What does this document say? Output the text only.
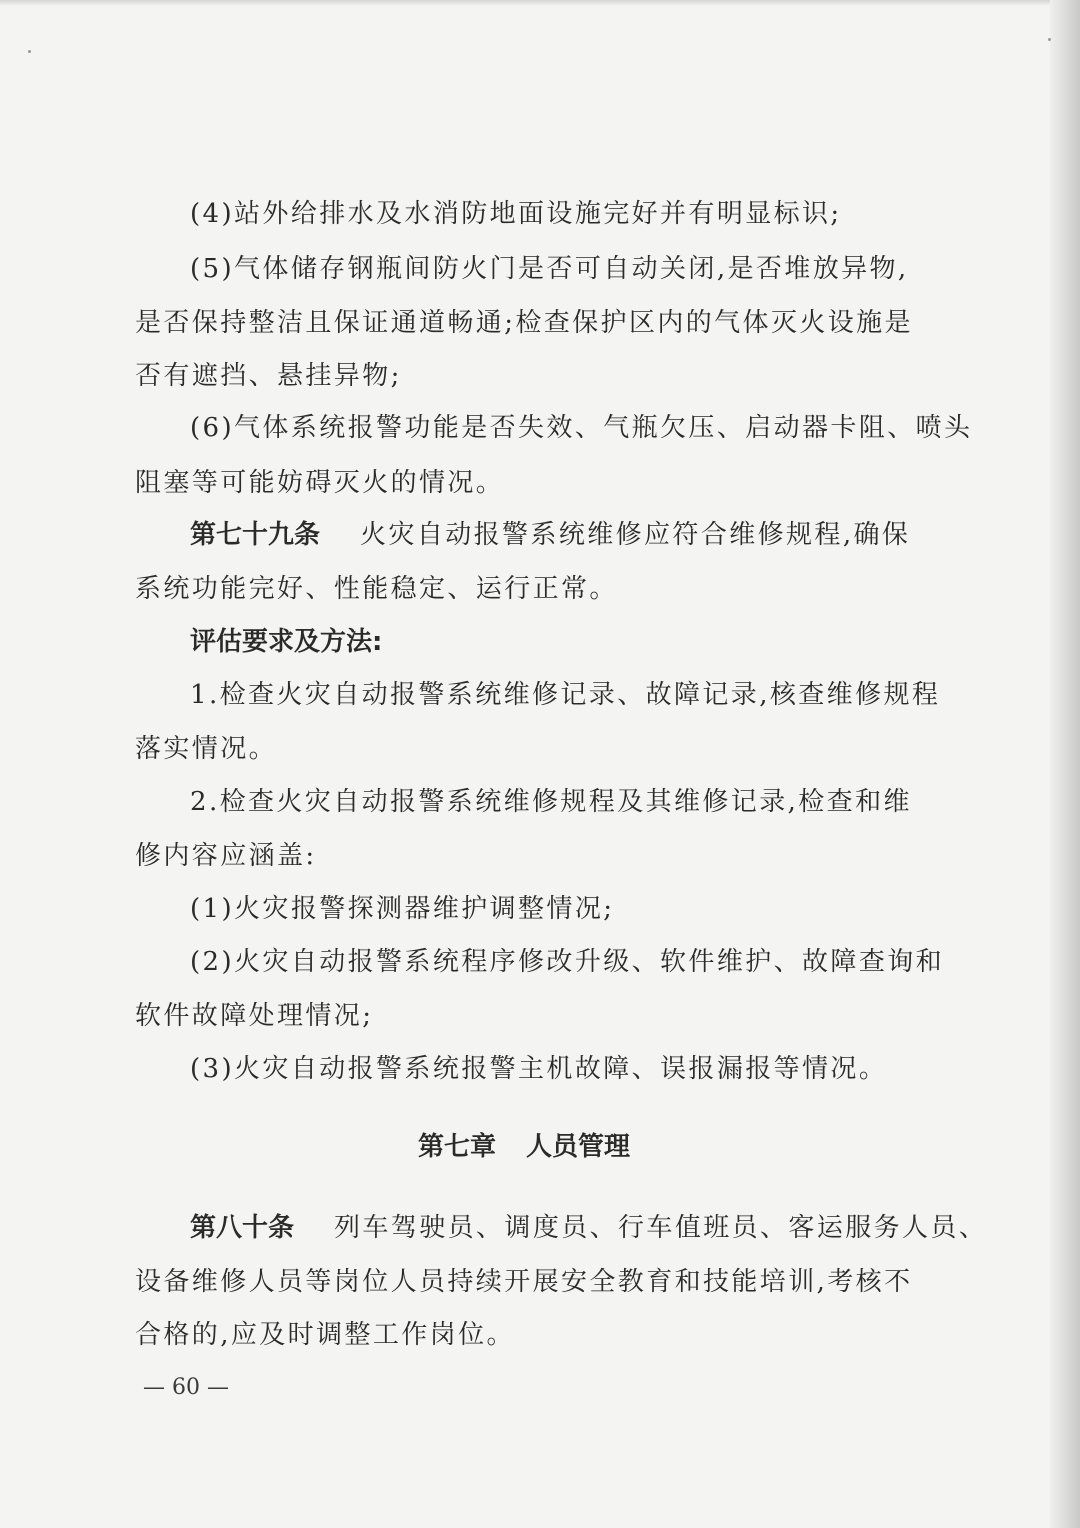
(4)站外给排水及水消防地面设施完好并有明显标识;
(5)气体储存钢瓶间防火门是否可自动关闭,是否堆放异物,
是否保持整洁且保证通道畅通;检查保护区内的气体灭火设施是
否有遮挡、悬挂异物;
(6)气体系统报警功能是否失效、气瓶欠压、启动器卡阻、喷头
阻塞等可能妨碍灭火的情况。
第七十九条 火灾自动报警系统维修应符合维修规程,确保
系统功能完好、性能稳定、运行正常。
评估要求及方法:
1.检查火灾自动报警系统维修记录、故障记录,核查维修规程
落实情况。
2.检查火灾自动报警系统维修规程及其维修记录,检查和维
修内容应涵盖:
(1)火灾报警探测器维护调整情况;
(2)火灾自动报警系统程序修改升级、软件维护、故障查询和
软件故障处理情况;
(3)火灾自动报警系统报警主机故障、误报漏报等情况。
第七章 人员管理
第八十条 列车驾驶员、调度员、行车值班员、客运服务人员、
设备维修人员等岗位人员持续开展安全教育和技能培训,考核不
合格的,应及时调整工作岗位。
— 60 —
